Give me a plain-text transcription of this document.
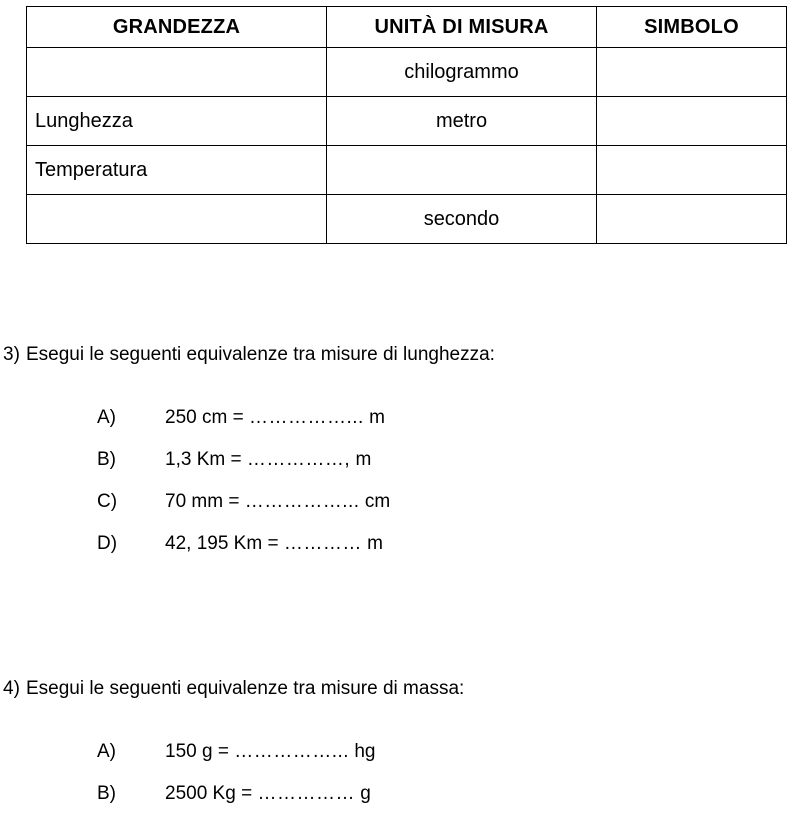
GRANDEZZA	UNITÀ DI MISURA	SIMBOLO
	chilogrammo	
Lunghezza	metro	
Temperatura		
	secondo	
3) Esegui le seguenti equivalenze tra misure di lunghezza:
A)	250 cm = ……………... m
B)	1,3 Km = ……………, m
C)	70 mm = ……………... cm
D)	42, 195 Km = ………… m
4) Esegui le seguenti equivalenze tra misure di massa:
A)	150 g = ……………... hg
B)	2500 Kg = …………… g
